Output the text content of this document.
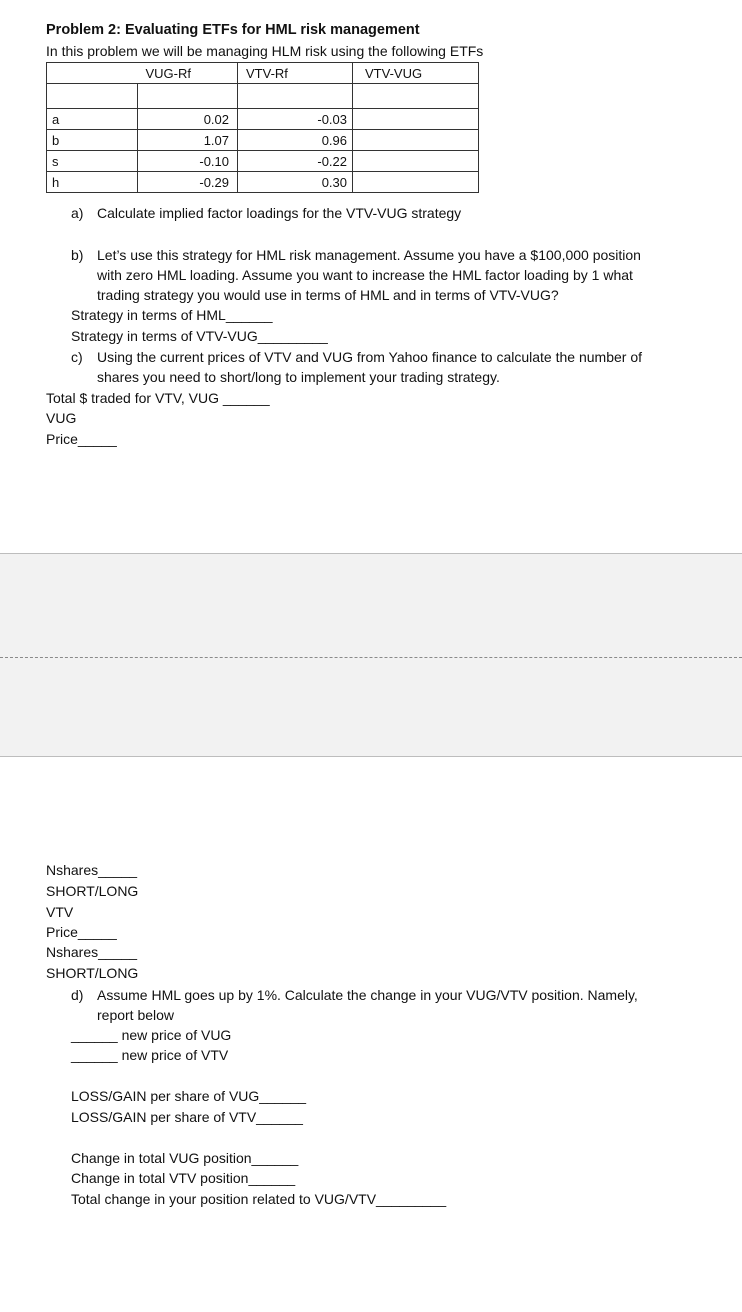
Problem 2: Evaluating ETFs for HML risk management
In this problem we will be managing HLM risk using the following ETFs
	VUG-Rf	VTV-Rf	VTV-VUG

a	0.02	-0.03	
b	1.07	0.96	
s	-0.10	-0.22	
h	-0.29	0.30	
a) Calculate implied factor loadings for the VTV-VUG strategy
b) Let’s use this strategy for HML risk management. Assume you have a $100,000 position
with zero HML loading. Assume you want to increase the HML factor loading by 1 what
trading strategy you would use in terms of HML and in terms of VTV-VUG?
Strategy in terms of HML______
Strategy in terms of VTV-VUG_________
c) Using the current prices of VTV and VUG from Yahoo finance to calculate the number of
shares you need to short/long to implement your trading strategy.
Total $ traded for VTV, VUG ______
VUG
Price_____
Nshares_____
SHORT/LONG
VTV
Price_____
Nshares_____
SHORT/LONG
d) Assume HML goes up by 1%. Calculate the change in your VUG/VTV position. Namely,
report below
______ new price of VUG
______ new price of VTV
LOSS/GAIN per share of VUG______
LOSS/GAIN per share of VTV______
Change in total VUG position______
Change in total VTV position______
Total change in your position related to VUG/VTV_________
